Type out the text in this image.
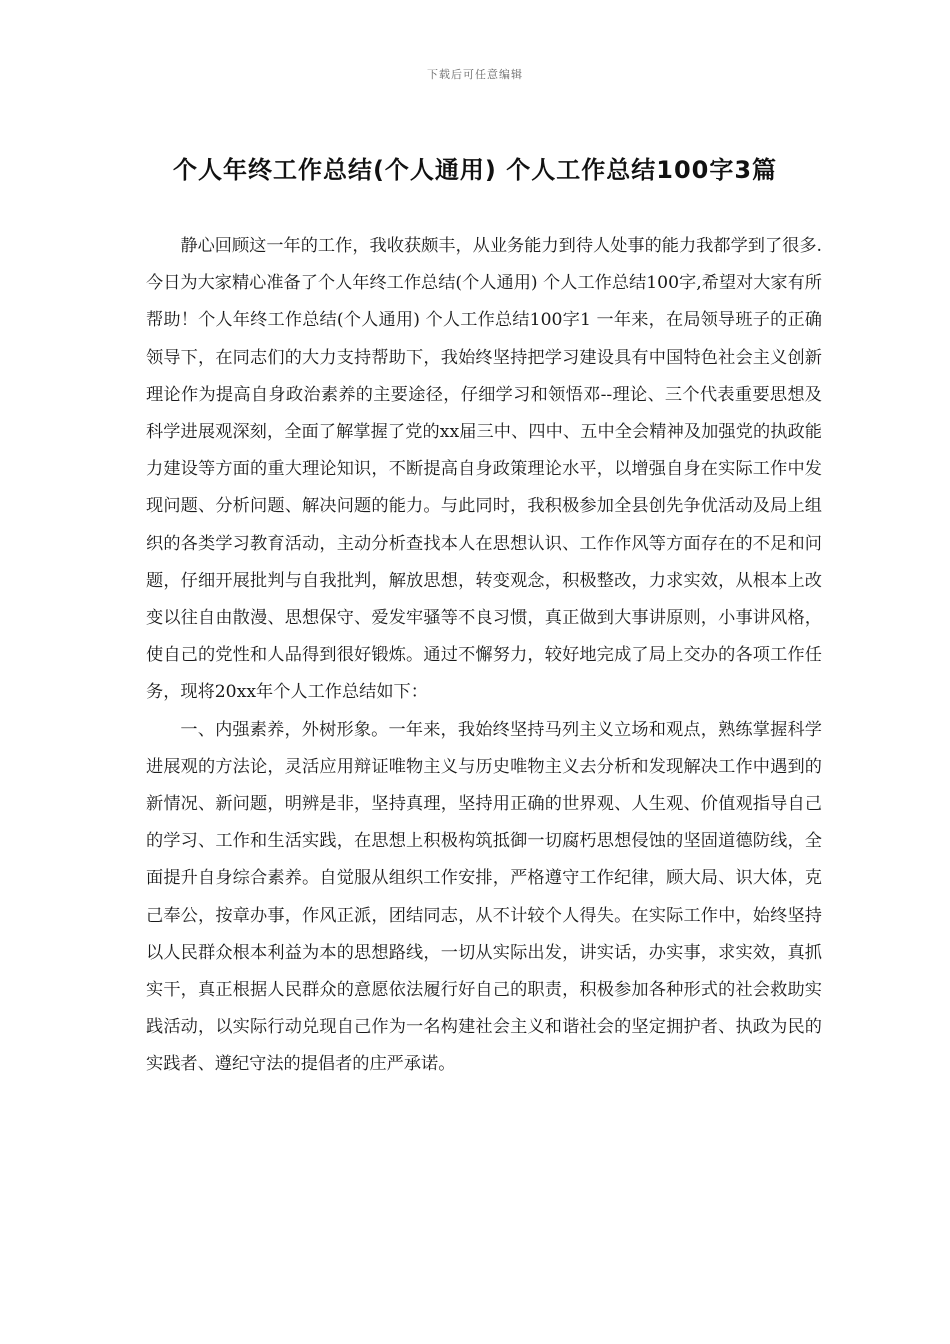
下载后可任意编辑
个人年终工作总结(个人通用) 个人工作总结100字3篇

静心回顾这一年的工作，我收获颇丰，从业务能力到待人处事的能力我都学到了很多.今日为大家精心准备了个人年终工作总结(个人通用) 个人工作总结100字,希望对大家有所帮助！个人年终工作总结(个人通用) 个人工作总结100字1 一年来，在局领导班子的正确领导下，在同志们的大力支持帮助下，我始终坚持把学习建设具有中国特色社会主义创新理论作为提高自身政治素养的主要途径，仔细学习和领悟邓--理论、三个代表重要思想及科学进展观深刻，全面了解掌握了党的xx届三中、四中、五中全会精神及加强党的执政能力建设等方面的重大理论知识，不断提高自身政策理论水平，以增强自身在实际工作中发现问题、分析问题、解决问题的能力。与此同时，我积极参加全县创先争优活动及局上组织的各类学习教育活动，主动分析查找本人在思想认识、工作作风等方面存在的不足和问题，仔细开展批判与自我批判，解放思想，转变观念，积极整改，力求实效，从根本上改变以往自由散漫、思想保守、爱发牢骚等不良习惯，真正做到大事讲原则，小事讲风格，使自己的党性和人品得到很好锻炼。通过不懈努力，较好地完成了局上交办的各项工作任务，现将20xx年个人工作总结如下：

一、内强素养，外树形象。一年来，我始终坚持马列主义立场和观点，熟练掌握科学进展观的方法论，灵活应用辩证唯物主义与历史唯物主义去分析和发现解决工作中遇到的新情况、新问题，明辨是非，坚持真理，坚持用正确的世界观、人生观、价值观指导自己的学习、工作和生活实践，在思想上积极构筑抵御一切腐朽思想侵蚀的坚固道德防线，全面提升自身综合素养。自觉服从组织工作安排，严格遵守工作纪律，顾大局、识大体，克己奉公，按章办事，作风正派，团结同志，从不计较个人得失。在实际工作中，始终坚持以人民群众根本利益为本的思想路线，一切从实际出发，讲实话，办实事，求实效，真抓实干，真正根据人民群众的意愿依法履行好自己的职责，积极参加各种形式的社会救助实践活动，以实际行动兑现自己作为一名构建社会主义和谐社会的坚定拥护者、执政为民的实践者、遵纪守法的提倡者的庄严承诺。
